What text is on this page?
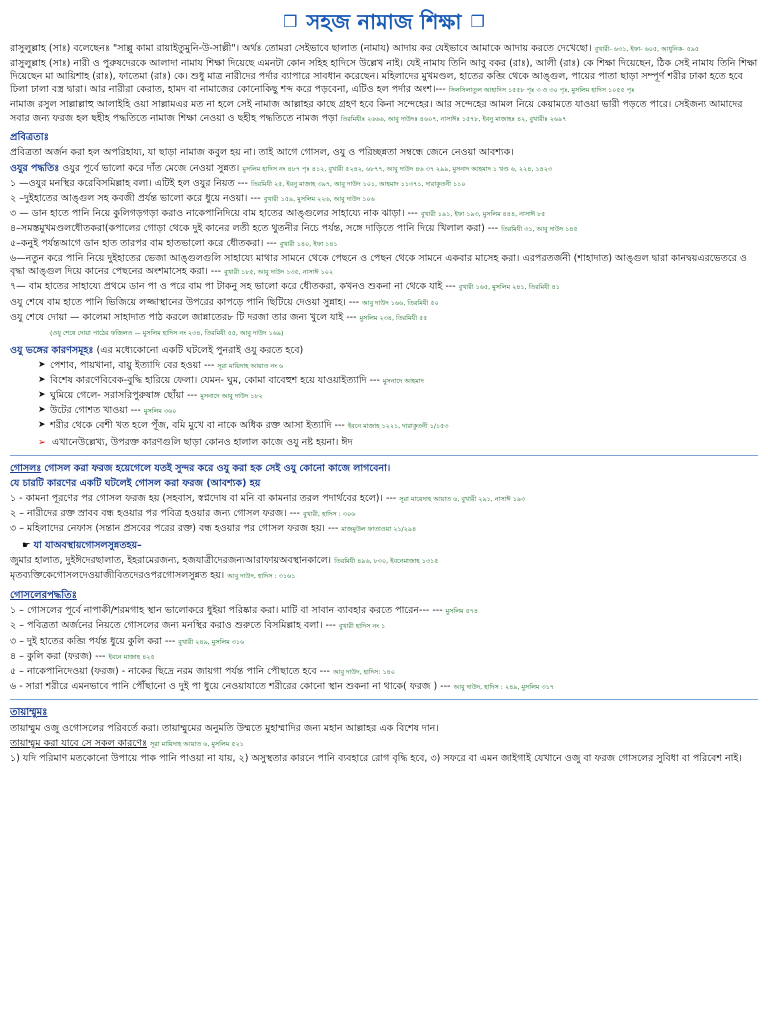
❒ সহজ নামাজ শিক্ষা ❒

রাসুলুল্লাহ (সাঃ) বলেছেনঃ "সাল্লু কামা রায়াইতুমুনি-উ-সাল্লী"। অর্থঃ তোমরা সেইভাবে ছালাত (নামায) আদায় কর যেইভাবে আমাকে আদায় করতে দেখেছো। বুখারী- ৬৩১, ইফা- ৬০৫, আধুনিক- ৫৯৫

রাসুলুল্লাহ (সাঃ) নারী ও পুরুষদেরকে আলাদা নামায শিক্ষা দিয়েছে এমনটা কোন সহিহ হাদিসে উল্লেখ নাই। যেই নামায তিনি আবু বকর (রাঃ), আলী (রাঃ) কে শিক্ষা দিয়েছেন, ঠিক সেই নামায তিনি শিক্ষা দিয়েছেন মা আয়িশাহ (রাঃ), ফাতেমা (রাঃ) কে। শুধু মাত্র নারীদের পর্দার ব্যাপারে সাবধান করেছেন। মহিলাদের মুখমণ্ডল, হাতের কব্জি থেকে আঙ্গুল, পায়ের পাতা ছাড়া সম্পূর্ণ শরীর ঢাকা হতে হবে ঢিলা ঢালা বস্ত্র দ্বারা। আর নারীরা কেরাত, হামদ বা নামাজের কোনোকিছু শব্দ করে পড়বেনা, এটিও হল পর্দার অংশ।--- সিলসিলাতুল আহাদিস ১৫৫৮ পৃঃ ৩ ও ৩০ পৃঃ, মুসলিম হাদিস ১০৫৫ পৃঃ

নামাজ রসুল সাল্লাল্লাহু আলাইহি ওয়া সাল্লামএর মত না হলে সেই নামাজ আল্লাহর কাছে গ্রহণ হবে কিনা সন্দেহের। আর সন্দেহের আমল নিয়ে কেয়ামতে যাওয়া ভারী পড়তে পারে। সেইজন্য আমাদের সবার জন্য ফরজ হল ছহীহ পদ্ধতিতে নামাজ শিক্ষা নেওয়া ও ছহীহ পদ্ধতিতে নামজ পড়া তিরমিযীঃ ২৬৬৬, আবু দাউদঃ ৪৬০৭, নাসাঈঃ ১৫৭৮, ইবনু মাজাহঃ ৪২, বুখারীঃ ২৬৯৭

প্রবিত্রতাঃ

প্রবিত্রতা অর্জন করা হল অপরিহায্য, যা ছাড়া নামাজ কবুল হয় না। তাই আগে গোসল, ওযু ও পরিচ্ছন্নতা সম্বন্ধে জেনে নেওয়া আবশ্যক।

ওযুর পদ্ধতিঃ ওযুর পূর্বে ভালো করে দাঁত মেজে নেওয়া সুন্নত। মুসলিম হাদিস নং ৪৮৭ পৃঃ ৪১২, বুখারী ৫২৪২, ৬৮৭৭, আবু দাউদ ৪৬ ৩৭ ২৯৯, মুসনাদ আহমাদ ১ খণ্ড ৬, ২২৪, ১৪২৩

১ —ওযুর মনস্থির করেবিসমিল্লাহ বলা। এটিই হল ওযুর নিয়ত --- তিরমিযী ২৫, ইবনু মাজাহ ৩৯৭, আবু দাউদ ১০১, আহমাদ ১১৩৭১, দারাকুতনী ১১০
২ –দুইহাতের আঙ্গুল সহ কবজী প্রর্যন্ত ভালো করে ধুয়ে নওয়া। --- বুখারী ১৫৯, মুসলিম ২২৬, আবু দাউদ ১০৬
৩ — ডান হাতে পানি নিয়ে কুলিগড়গড়া করাও নাকেপানিদিয়ে বাম হাতের আঙ্গুলের সাহায্যে নাক ঝাড়া। --- বুখারী ১৯১, ইফা ১৯৩, মুসলিম ৪৪৪, নাসাঈ ৮৫
৪–সমস্তমুখমণ্ডলধৌতকরা(কপালের গোড়া থেকে দুই কানের লতী হতে থুতনীর নিচে পর্যন্ত, সঙ্গে দাড়িতে পানি দিয়ে খিলাল করা) --- তিরমিযী ৩১, আবু দাউদ ১৪৫
৫–কনুই পর্যন্তআগে ডান হাত তারপর বাম হাতভালো করে ধৌতকরা। --- বুখারী ১৪০, ইফা ১৪১
৬—নতুন করে পানি নিয়ে দুইহাতের ভেজা আঙ্গুলগুলি সাহায্যে মাথার সামনে থেকে পেছনে ও পেছন থেকে সামনে একবার মাসেহ করা। এরপরতর্জনী (শাহাদাত) আঙ্গুল দ্বারা কানদ্বয়এরভেতরে ও বৃদ্ধা আঙ্গুল দিয়ে কানের পেছনের অংশমাসেহ করা। --- বুখারী ১৮৫, আবু দাউদ ১৩৫, নাসাঈ ১০২
৭— বাম হাতের সাহায্যে প্রথমে ডান পা ও পরে বাম পা টাকনু সহ ভালো করে ধৌতকরা, কখনও শুকনা না থেকে যাই --- বুখারী ১৬৫, মুসলিম ২৪১, তিরমিযী ৪১
ওযু শেষে বাম হাতে পানি ভিজিয়ে লজ্জাস্থানের উপরের কাপড়ে পানি ছিটিয়ে দেওয়া সুন্নাহ। --- আবু দাউদ ১৬৬, তিরমিযী ৫০
ওযু শেষে দোয়া — কালেমা সাহাদাত পাঠ করলে জান্নাতের৮ টি দরজা তার জন্য খুলে যাই --- মুসলিম ২৩৪, তিরমিযী ৫৫

(ওযু শেষে দোয়া পাঠের ফজিলত — মুসলিম হাদিস নং ২৩৪, তিরমিযী ৫৫, আবু দাউদ ১৬৯)

ওযু ভঙ্গের কারণসমূহঃ (এর মধ্যেকোনো একটি ঘটলেই পুনরাই ওযু করতে হবে)

➤ পেশাব, পায়খানা, বায়ু ইত্যাদি বের হওয়া --- সূরা মায়িদাহ আয়াত নং ৬
➤ বিশেষ কারণেবিবেক-বুদ্ধি হারিয়ে ফেলা। যেমন- ঘুম, কোমা বাবেহুশ হয়ে যাওয়াইত্যাদি --- মুসনাদে আহমাদ
➤ ঘুমিয়ে গেলে- সরাসরিপুরুষাঙ্গ ছোঁয়া --- মুসনাদে আবু দাউদ ১৮২
➤ উটের গোশত খাওয়া --- মুসলিম ৩৬০
➤ শরীর থেকে বেশী খত হলে পূঁজ, বমি মুখে বা নাকে অধিক রক্ত আসা ইত্যাদি --- ইবনে মাজাহ ১২২১, দারাকুতনী ১/১৫৩

➢ এখানেউল্লেখ্য, উপরক্ত কারণগুলি ছাড়া কোনও হালাল কাজে ওযু নষ্ট হয়না। ঈদ

গোসলঃ গোসল করা ফরজ হয়েগেলে যতই সুন্দর করে ওযু করা হক সেই ওযু কোনো কাজে লাগবেনা।

যে চারটি কারণের একটি ঘটলেই গোসল করা ফরজ (আবশ্যক) হয়

১ - কামনা পূরণের পর গোসল ফরজ হয় (সহবাস, স্বপ্নদোষ বা মনি বা কামনার তরল পদার্থবের হলে)। --- সূরা মায়েদাহ আয়াত ৬, বুখারী ২৯১, নাসাঈ ১৯৩
২ – নারীদের রক্ত স্রাবব বন্ধ হওয়ার পর পবিত্র হওয়ার জন্য গোসল ফরজ। --- বুখারী, হাদিস : ৩০৬
৩ – মহিলাদের নেফাস (সন্তান প্রসবের পরের রক্ত) বন্ধ হওয়ার পর গোসল ফরজ হয়। --- মাজমুউল ফাতাওয়া ২১/২৯৪

☛ যা যাঅবস্থায়গোসলসুন্নতহয়–

জুমার হালাত, দুইঈদেরছালাত, ইহরামেরজন্য, হজযাত্রীদেরজন্যআরাফায়অবস্থানকালে। তিরমিযী ৪৯৬, ৮৩০, ইবনেমাজাহ ১৩১৫

মৃতব্যক্তিকেগোসলদেওয়াজীবিতদেরওপরগোসলসুন্নত হয়। আবু দাউদ, হাদিস : ৩১৬১

গোসলেরপদ্ধতিঃ
১ – গোসলের পূর্বে নাপাকী/শরমগাহ স্থান ভালোকরে ধুইয়া পরিষ্কার করা। মাটি বা সাবান ব্যাবহার করতে পারেন--- --- মুসলিম ৫৭৪
২ – পবিত্রতা অর্জনের নিয়তে গোসলের জন্য মনস্থির করাও শুরুতে বিসমিল্লাহ বলা। --- বুখারী হাদিস নং ১
৩ – দুই হাতের কব্জি পর্যন্ত ধুয়ে কুলি করা --- বুখারী ২৪৯, মুসলিম ৩১৬
৪ – কুলি করা (ফরজ) --- ইবনে মাজাহ ৪২৫
৫ – নাকেপানিদেওয়া (ফরজ) - নাকের ছিদ্রে নরম জায়গা পর্যন্ত পানি পৌছাতে হবে --- আবু দাউদ, হাদিস: ১৪০
৬ - সারা শরীরে এমনভাবে পানি পৌঁছানো ও দুই পা ধুয়ে নেওয়াযাতে শরীরের কোনো স্থান শুকনা না থাকে( ফরজ ) --- আবু দাউদ, হাদিস : ২৪৯, মুসলিম ৩১৭
তায়াম্মুমঃ

তায়াম্মুম ওজু ওগোসলের পরিবর্তে করা। তায়াম্মুমের অনুমতি উম্মতে মুহাম্মাদির জন্য মহান আল্লাহর এক বিশেষ দান।

তায়াম্মুম করা যাবে সে সকল কারণেঃ সূরা মায়িদাহ আয়াত ৬, মুসলিম ৫২১

১) যদি পরিমাণ মতকোনো উপায়ে পাক পানি পাওয়া না যায়, ২) অসুস্থতার কারনে পানি ব্যবহারে রোগ বৃদ্ধি হবে, ৩) সফরে বা এমন জাইগাই যেখানে ওজু বা ফরজ গোসলের সুবিধা বা পরিবেশ নাই।
